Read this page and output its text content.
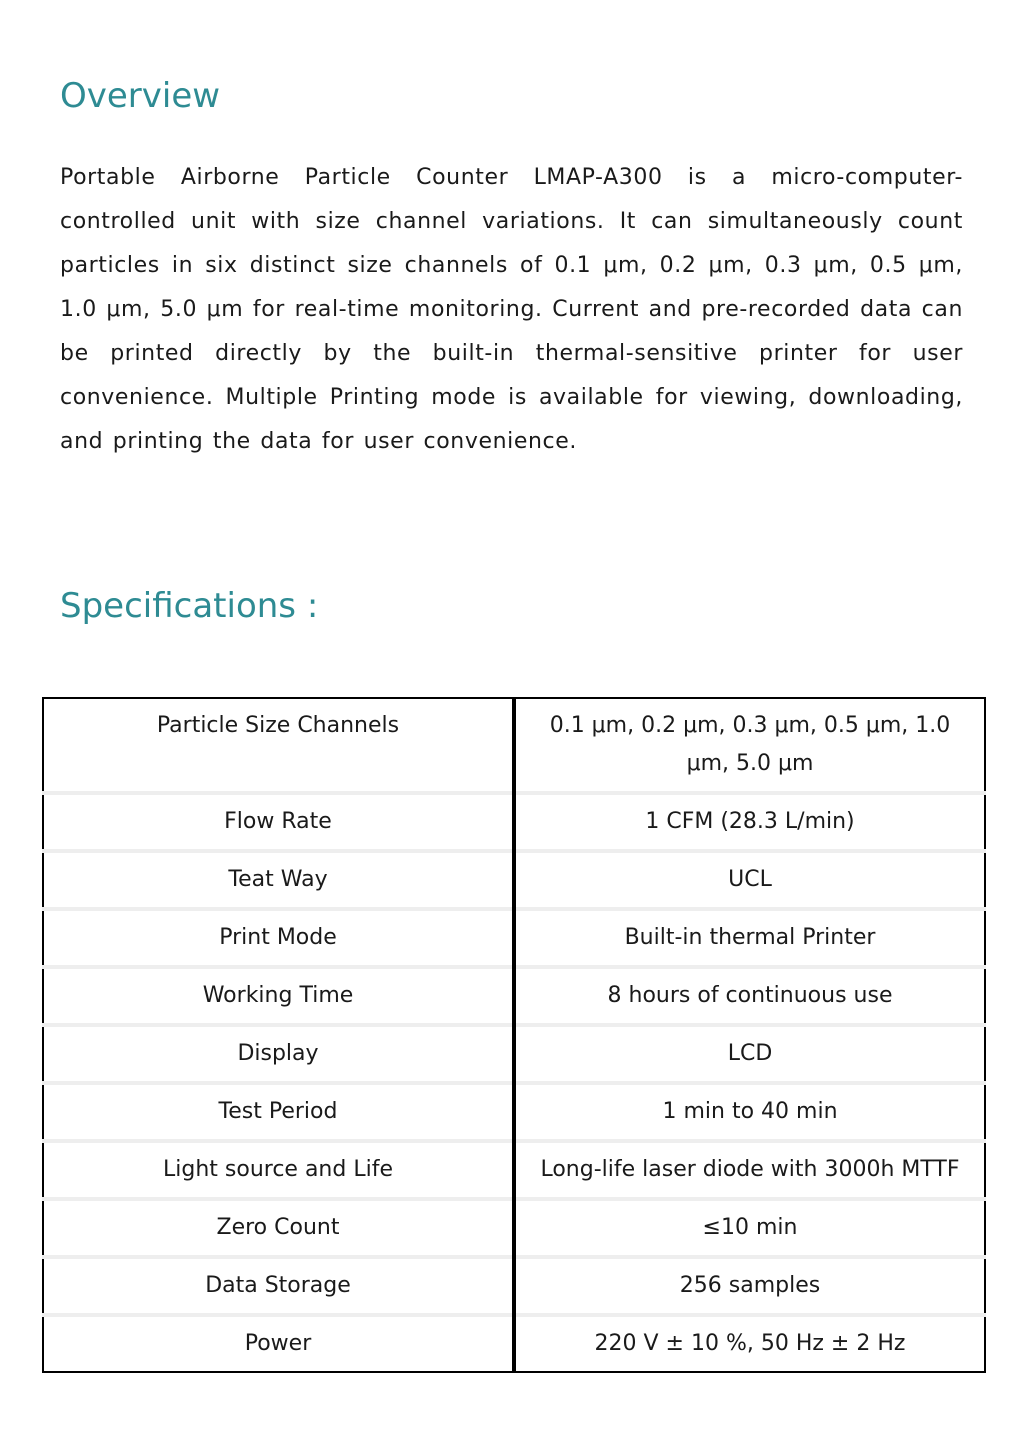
Overview

Portable Airborne Particle Counter LMAP-A300 is a micro-computer-controlled unit with size channel variations. It can simultaneously count particles in six distinct size channels of 0.1 μm, 0.2 μm, 0.3 μm, 0.5 μm, 1.0 μm, 5.0 μm for real-time monitoring. Current and pre-recorded data can be printed directly by the built-in thermal-sensitive printer for user convenience. Multiple Printing mode is available for viewing, downloading, and printing the data for user convenience.

Specifications :
Particle Size Channels	0.1 μm, 0.2 μm, 0.3 μm, 0.5 μm, 1.0 μm, 5.0 μm
Flow Rate	1 CFM (28.3 L/min)
Teat Way	UCL
Print Mode	Built-in thermal Printer
Working Time	8 hours of continuous use
Display	LCD
Test Period	1 min to 40 min
Light source and Life	Long-life laser diode with 3000h MTTF
Zero Count	≤10 min
Data Storage	256 samples
Power	220 V ± 10 %, 50 Hz ± 2 Hz
